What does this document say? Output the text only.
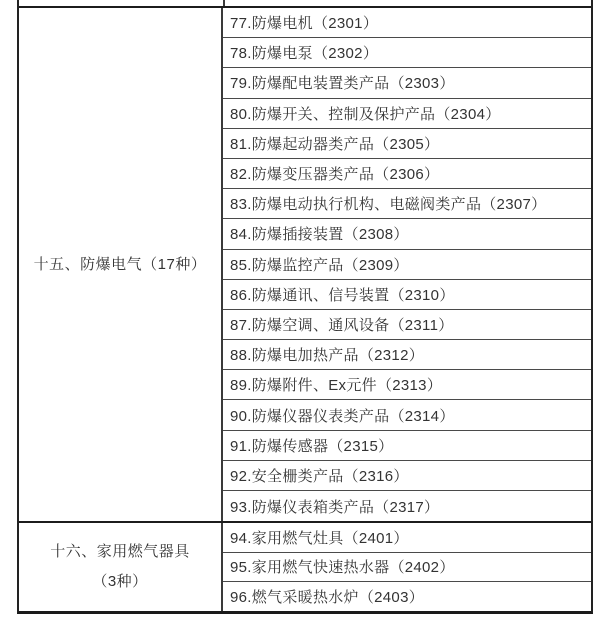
十五、防爆电气（17种）
77.防爆电机（2301）
78.防爆电泵（2302）
79.防爆配电装置类产品（2303）
80.防爆开关、控制及保护产品（2304）
81.防爆起动器类产品（2305）
82.防爆变压器类产品（2306）
83.防爆电动执行机构、电磁阀类产品（2307）
84.防爆插接装置（2308）
85.防爆监控产品（2309）
86.防爆通讯、信号装置（2310）
87.防爆空调、通风设备（2311）
88.防爆电加热产品（2312）
89.防爆附件、Ex元件（2313）
90.防爆仪器仪表类产品（2314）
91.防爆传感器（2315）
92.安全栅类产品（2316）
93.防爆仪表箱类产品（2317）
十六、家用燃气器具
（3种）
94.家用燃气灶具（2401）
95.家用燃气快速热水器（2402）
96.燃气采暖热水炉（2403）
